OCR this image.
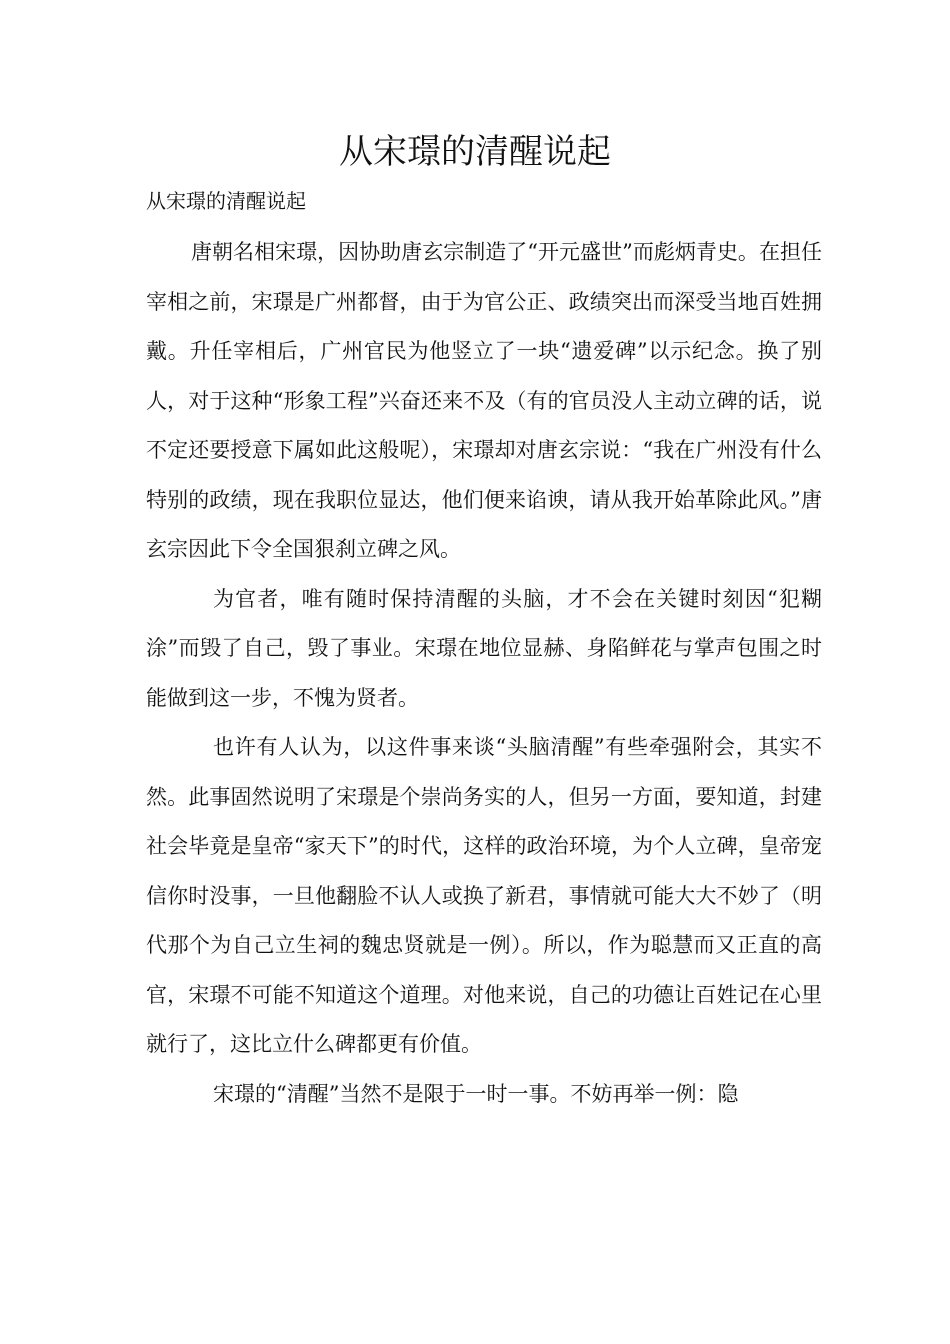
从宋璟的清醒说起
从宋璟的清醒说起

唐朝名相宋璟，因协助唐玄宗制造了“开元盛世”而彪炳青史。在担任宰相之前，宋璟是广州都督，由于为官公正、政绩突出而深受当地百姓拥戴。升任宰相后，广州官民为他竖立了一块“遗爱碑”以示纪念。换了别人，对于这种“形象工程”兴奋还来不及（有的官员没人主动立碑的话，说不定还要授意下属如此这般呢），宋璟却对唐玄宗说：“我在广州没有什么特别的政绩，现在我职位显达，他们便来谄谀，请从我开始革除此风。”唐玄宗因此下令全国狠刹立碑之风。

为官者，唯有随时保持清醒的头脑，才不会在关键时刻因“犯糊涂”而毁了自己，毁了事业。宋璟在地位显赫、身陷鲜花与掌声包围之时能做到这一步，不愧为贤者。

也许有人认为，以这件事来谈“头脑清醒”有些牵强附会，其实不然。此事固然说明了宋璟是个崇尚务实的人，但另一方面，要知道，封建社会毕竟是皇帝“家天下”的时代，这样的政治环境，为个人立碑，皇帝宠信你时没事，一旦他翻脸不认人或换了新君，事情就可能大大不妙了（明代那个为自己立生祠的魏忠贤就是一例）。所以，作为聪慧而又正直的高官，宋璟不可能不知道这个道理。对他来说，自己的功德让百姓记在心里就行了，这比立什么碑都更有价值。

宋璟的“清醒”当然不是限于一时一事。不妨再举一例：隐
